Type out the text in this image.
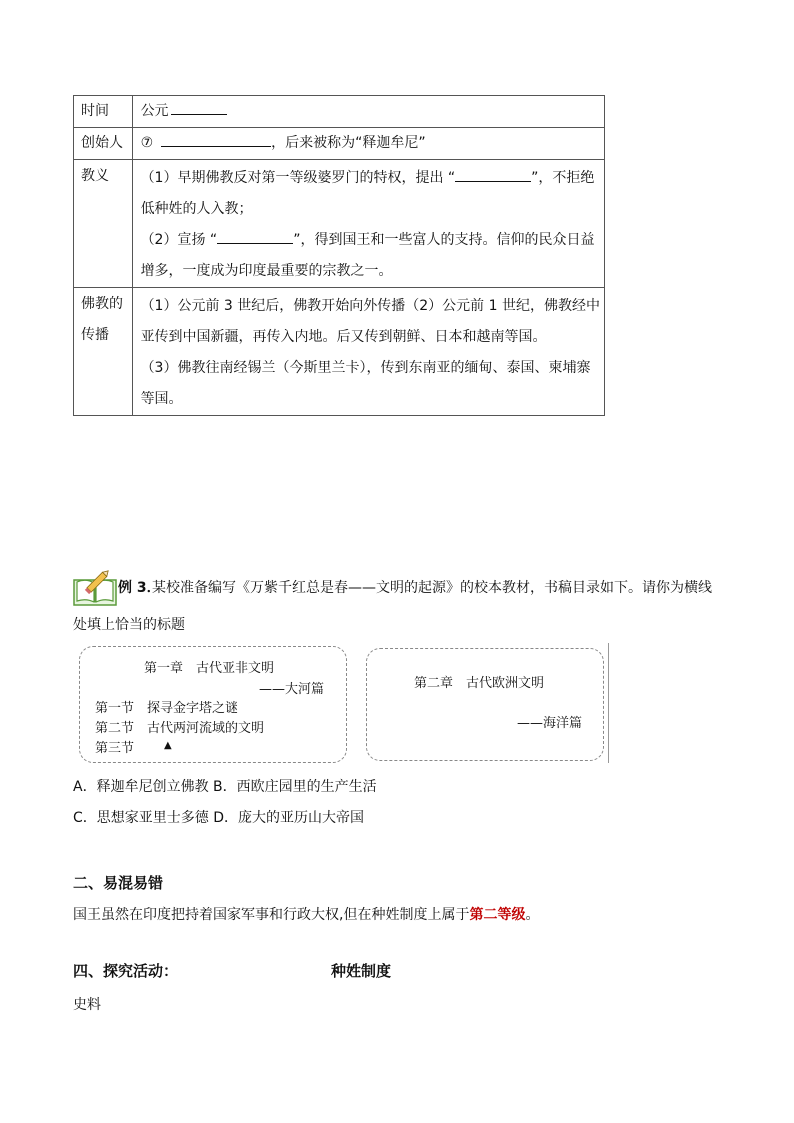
时间	公元

创始人	⑦ ，后来被称为“释迦牟尼”

教义	（1）早期佛教反对第一等级婆罗门的特权，提出 “ ”，不拒绝
低种姓的人入教；
（2）宣扬 “ ”，得到国王和一些富人的支持。信仰的民众日益
增多，一度成为印度最重要的宗教之一。

佛教的
传播	（1）公元前 3 世纪后，佛教开始向外传播（2）公元前 1 世纪，佛教经中
亚传到中国新疆，再传入内地。后又传到朝鲜、日本和越南等国。
（3）佛教往南经锡兰（今斯里兰卡），传到东南亚的缅甸、泰国、柬埔寨
等国。
例 3．
某校准备编写《万紫千红总是春——文明的起源》的校本教材，书稿目录如下。请你为横线
处填上恰当的标题
第一章　古代亚非文明
——大河篇
第一节　探寻金字塔之谜
第二节　古代两河流域的文明
第三节	▲
第二章　古代欧洲文明
——海洋篇
A．释迦牟尼创立佛教 B．西欧庄园里的生产生活
C．思想家亚里士多德 D．庞大的亚历山大帝国
二、易混易错
国王虽然在印度把持着国家军事和行政大权,但在种姓制度上属于第二等级。
四、探究活动：	种姓制度
史料
